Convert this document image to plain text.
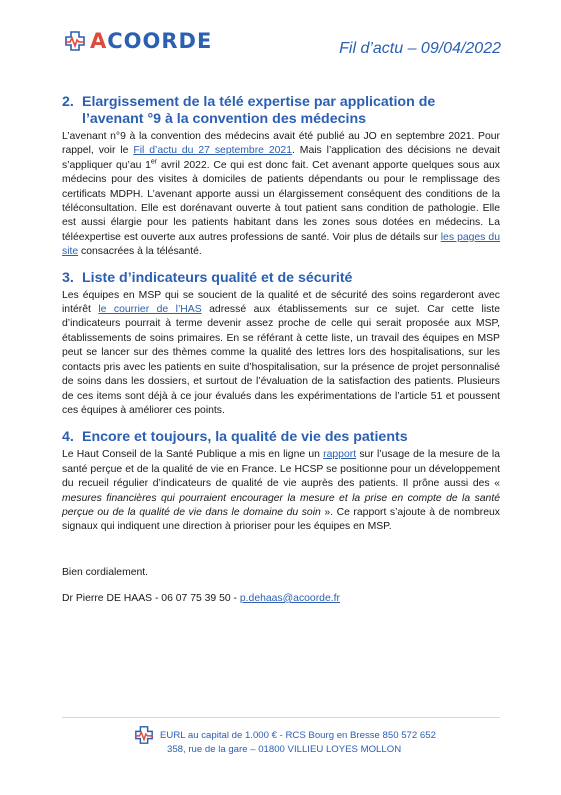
ACOORDE	Fil d’actu – 09/04/2022
2. Elargissement de la télé expertise par application de l’avenant °9 à la convention des médecins

L’avenant n°9 à la convention des médecins avait été publié au JO en septembre 2021. Pour rappel, voir le Fil d’actu du 27 septembre 2021. Mais l’application des décisions ne devait s’appliquer qu’au 1er avril 2022. Ce qui est donc fait. Cet avenant apporte quelques sous aux médecins pour des visites à domiciles de patients dépendants ou pour le remplissage des certificats MDPH. L’avenant apporte aussi un élargissement conséquent des conditions de la téléconsultation. Elle est dorénavant ouverte à tout patient sans condition de pathologie. Elle est aussi élargie pour les patients habitant dans les zones sous dotées en médecins. La téléexpertise est ouverte aux autres professions de santé. Voir plus de détails sur les pages du site consacrées à la télésanté.

3. Liste d’indicateurs qualité et de sécurité

Les équipes en MSP qui se soucient de la qualité et de sécurité des soins regarderont avec intérêt le courrier de l’HAS adressé aux établissements sur ce sujet. Car cette liste d’indicateurs pourrait à terme devenir assez proche de celle qui serait proposée aux MSP, établissements de soins primaires. En se référant à cette liste, un travail des équipes en MSP peut se lancer sur des thèmes comme la qualité des lettres lors des hospitalisations, sur les contacts pris avec les patients en suite d’hospitalisation, sur la présence de projet personnalisé de soins dans les dossiers, et surtout de l’évaluation de la satisfaction des patients. Plusieurs de ces items sont déjà à ce jour évalués dans les expérimentations de l’article 51 et poussent ces équipes à améliorer ces points.

4. Encore et toujours, la qualité de vie des patients

Le Haut Conseil de la Santé Publique a mis en ligne un rapport sur l’usage de la mesure de la santé perçue et de la qualité de vie en France. Le HCSP se positionne pour un développement du recueil régulier d’indicateurs de qualité de vie auprès des patients. Il prône aussi des « mesures financières qui pourraient encourager la mesure et la prise en compte de la santé perçue ou de la qualité de vie dans le domaine du soin ». Ce rapport s’ajoute à de nombreux signaux qui indiquent une direction à prioriser pour les équipes en MSP.

Bien cordialement.
Dr Pierre DE HAAS - 06 07 75 39 50 - p.dehaas@acoorde.fr
EURL au capital de 1.000 € - RCS Bourg en Bresse 850 572 652
358, rue de la gare – 01800 VILLIEU LOYES MOLLON
